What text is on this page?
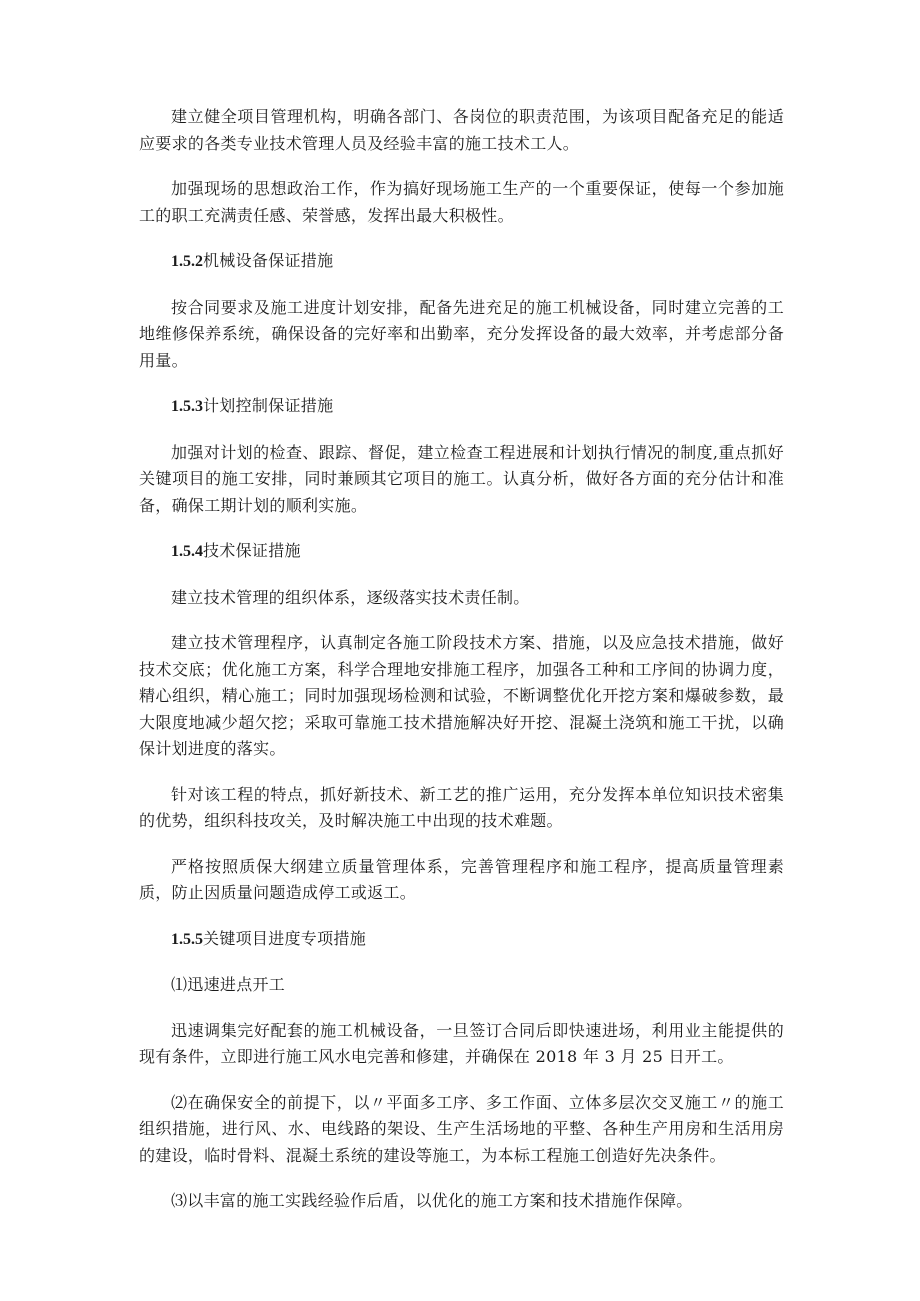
建立健全项目管理机构，明确各部门、各岗位的职责范围，为该项目配备充足的能适应要求的各类专业技术管理人员及经验丰富的施工技术工人。

加强现场的思想政治工作，作为搞好现场施工生产的一个重要保证，使每一个参加施工的职工充满责任感、荣誉感，发挥出最大积极性。

1.5.2机械设备保证措施

按合同要求及施工进度计划安排，配备先进充足的施工机械设备，同时建立完善的工地维修保养系统，确保设备的完好率和出勤率，充分发挥设备的最大效率，并考虑部分备用量。

1.5.3计划控制保证措施

加强对计划的检查、跟踪、督促，建立检查工程进展和计划执行情况的制度,重点抓好关键项目的施工安排，同时兼顾其它项目的施工。认真分析，做好各方面的充分估计和准备，确保工期计划的顺利实施。

1.5.4技术保证措施

建立技术管理的组织体系，逐级落实技术责任制。

建立技术管理程序，认真制定各施工阶段技术方案、措施，以及应急技术措施，做好技术交底；优化施工方案，科学合理地安排施工程序，加强各工种和工序间的协调力度，精心组织，精心施工；同时加强现场检测和试验，不断调整优化开挖方案和爆破参数，最大限度地减少超欠挖；采取可靠施工技术措施解决好开挖、混凝土浇筑和施工干扰，以确保计划进度的落实。

针对该工程的特点，抓好新技术、新工艺的推广运用，充分发挥本单位知识技术密集的优势，组织科技攻关，及时解决施工中出现的技术难题。

严格按照质保大纲建立质量管理体系，完善管理程序和施工程序，提高质量管理素质，防止因质量问题造成停工或返工。

1.5.5关键项目进度专项措施

⑴迅速进点开工

迅速调集完好配套的施工机械设备，一旦签订合同后即快速进场，利用业主能提供的现有条件，立即进行施工风水电完善和修建，并确保在 2018 年 3 月 25 日开工。

⑵在确保安全的前提下，以〃平面多工序、多工作面、立体多层次交叉施工〃的施工组织措施，进行风、水、电线路的架设、生产生活场地的平整、各种生产用房和生活用房的建设，临时骨料、混凝土系统的建设等施工，为本标工程施工创造好先决条件。

⑶以丰富的施工实践经验作后盾，以优化的施工方案和技术措施作保障。
